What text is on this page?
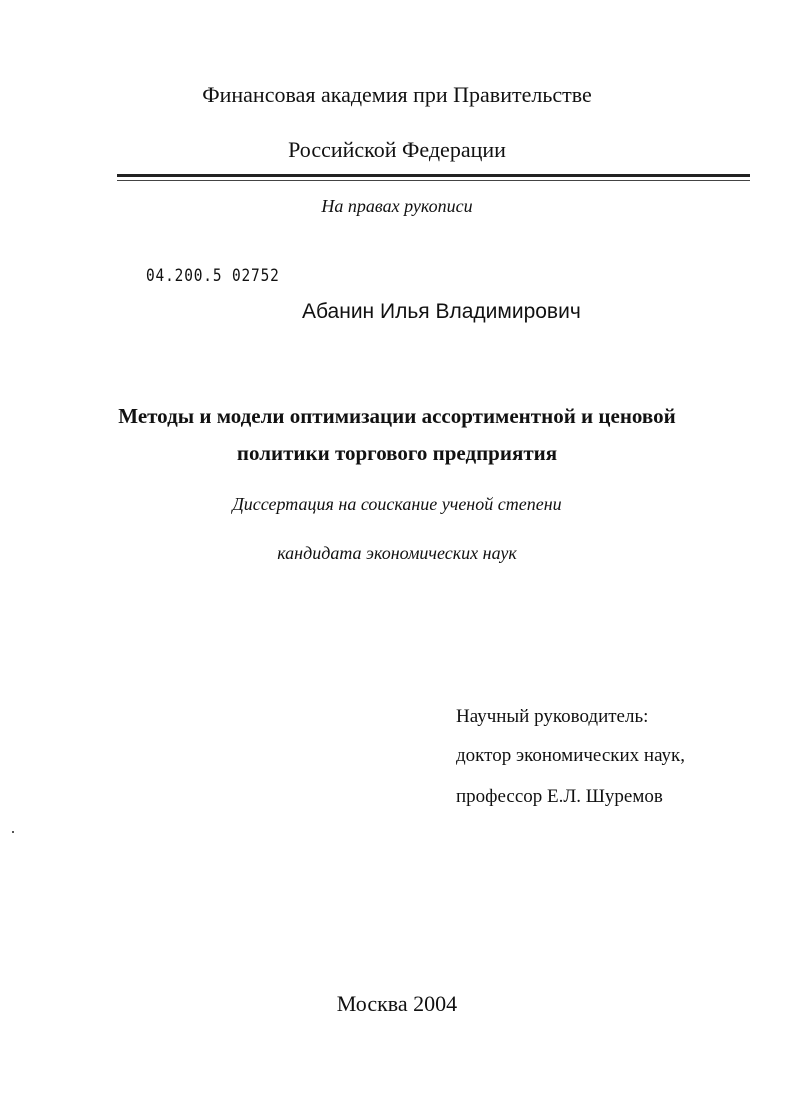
Финансовая академия при Правительстве
Российской Федерации
На правах рукописи
04.200.5 02752
Абанин Илья Владимирович
Методы и модели оптимизации ассортиментной и ценовой
политики торгового предприятия
Диссертация на соискание ученой степени
кандидата экономических наук
Научный руководитель:
доктор экономических наук,
профессор Е.Л. Шуремов
Москва 2004
